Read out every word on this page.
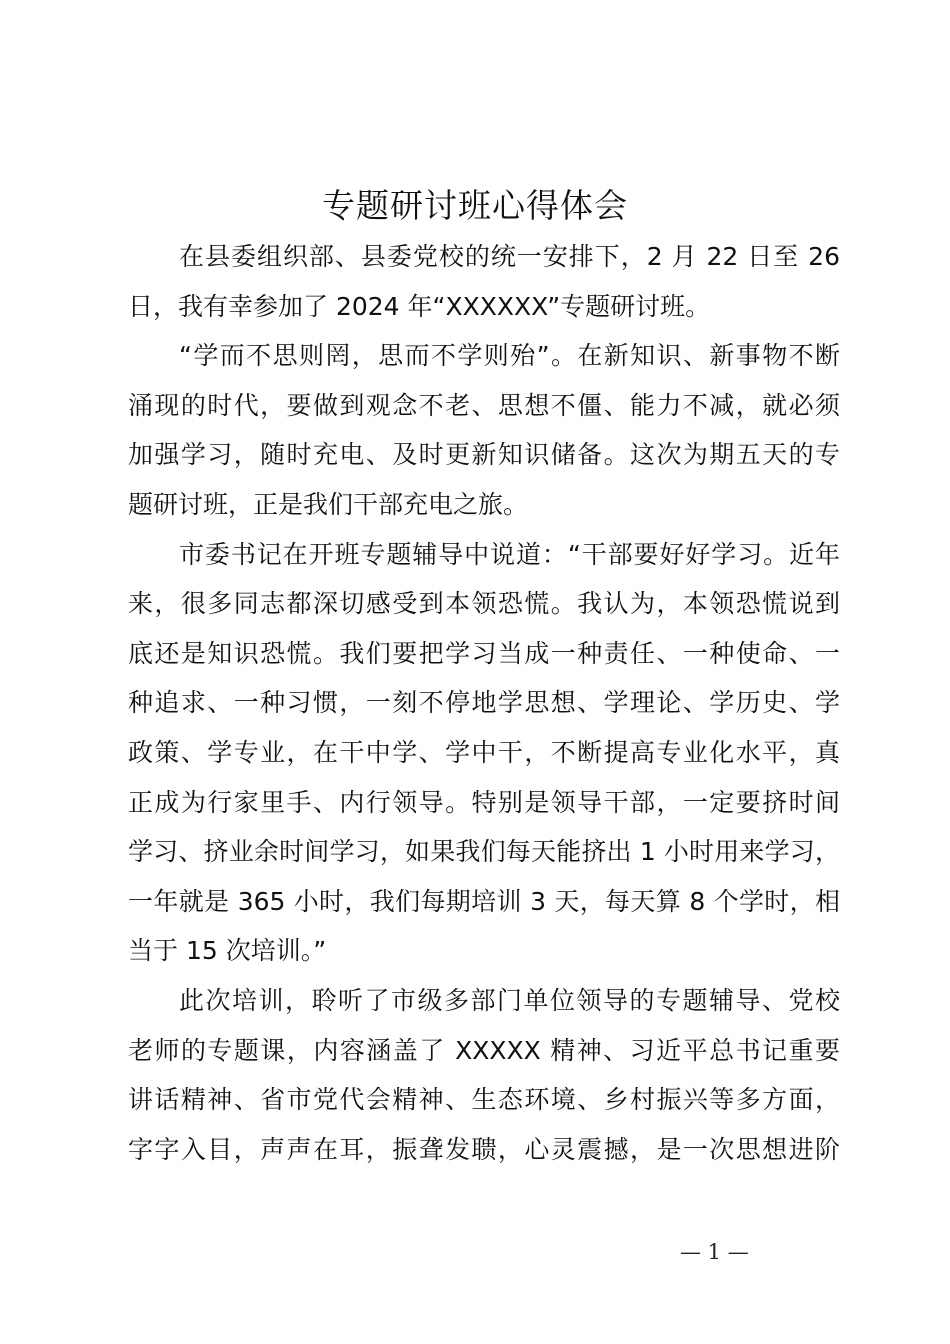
专题研讨班心得体会
在县委组织部、县委党校的统一安排下，2 月 22 日至 26
日，我有幸参加了 2024 年“XXXXXX”专题研讨班。
“学而不思则罔，思而不学则殆”。在新知识、新事物不断
涌现的时代，要做到观念不老、思想不僵、能力不减，就必须
加强学习，随时充电、及时更新知识储备。这次为期五天的专
题研讨班，正是我们干部充电之旅。
市委书记在开班专题辅导中说道：“干部要好好学习。近年
来，很多同志都深切感受到本领恐慌。我认为，本领恐慌说到
底还是知识恐慌。我们要把学习当成一种责任、一种使命、一
种追求、一种习惯，一刻不停地学思想、学理论、学历史、学
政策、学专业，在干中学、学中干，不断提高专业化水平，真
正成为行家里手、内行领导。特别是领导干部，一定要挤时间
学习、挤业余时间学习，如果我们每天能挤出 1 小时用来学习，
一年就是 365 小时，我们每期培训 3 天，每天算 8 个学时，相
当于 15 次培训。”
此次培训，聆听了市级多部门单位领导的专题辅导、党校
老师的专题课，内容涵盖了 XXXXX 精神、习近平总书记重要
讲话精神、省市党代会精神、生态环境、乡村振兴等多方面，
字字入目，声声在耳，振聋发聩，心灵震撼，是一次思想进阶
— 1 —
